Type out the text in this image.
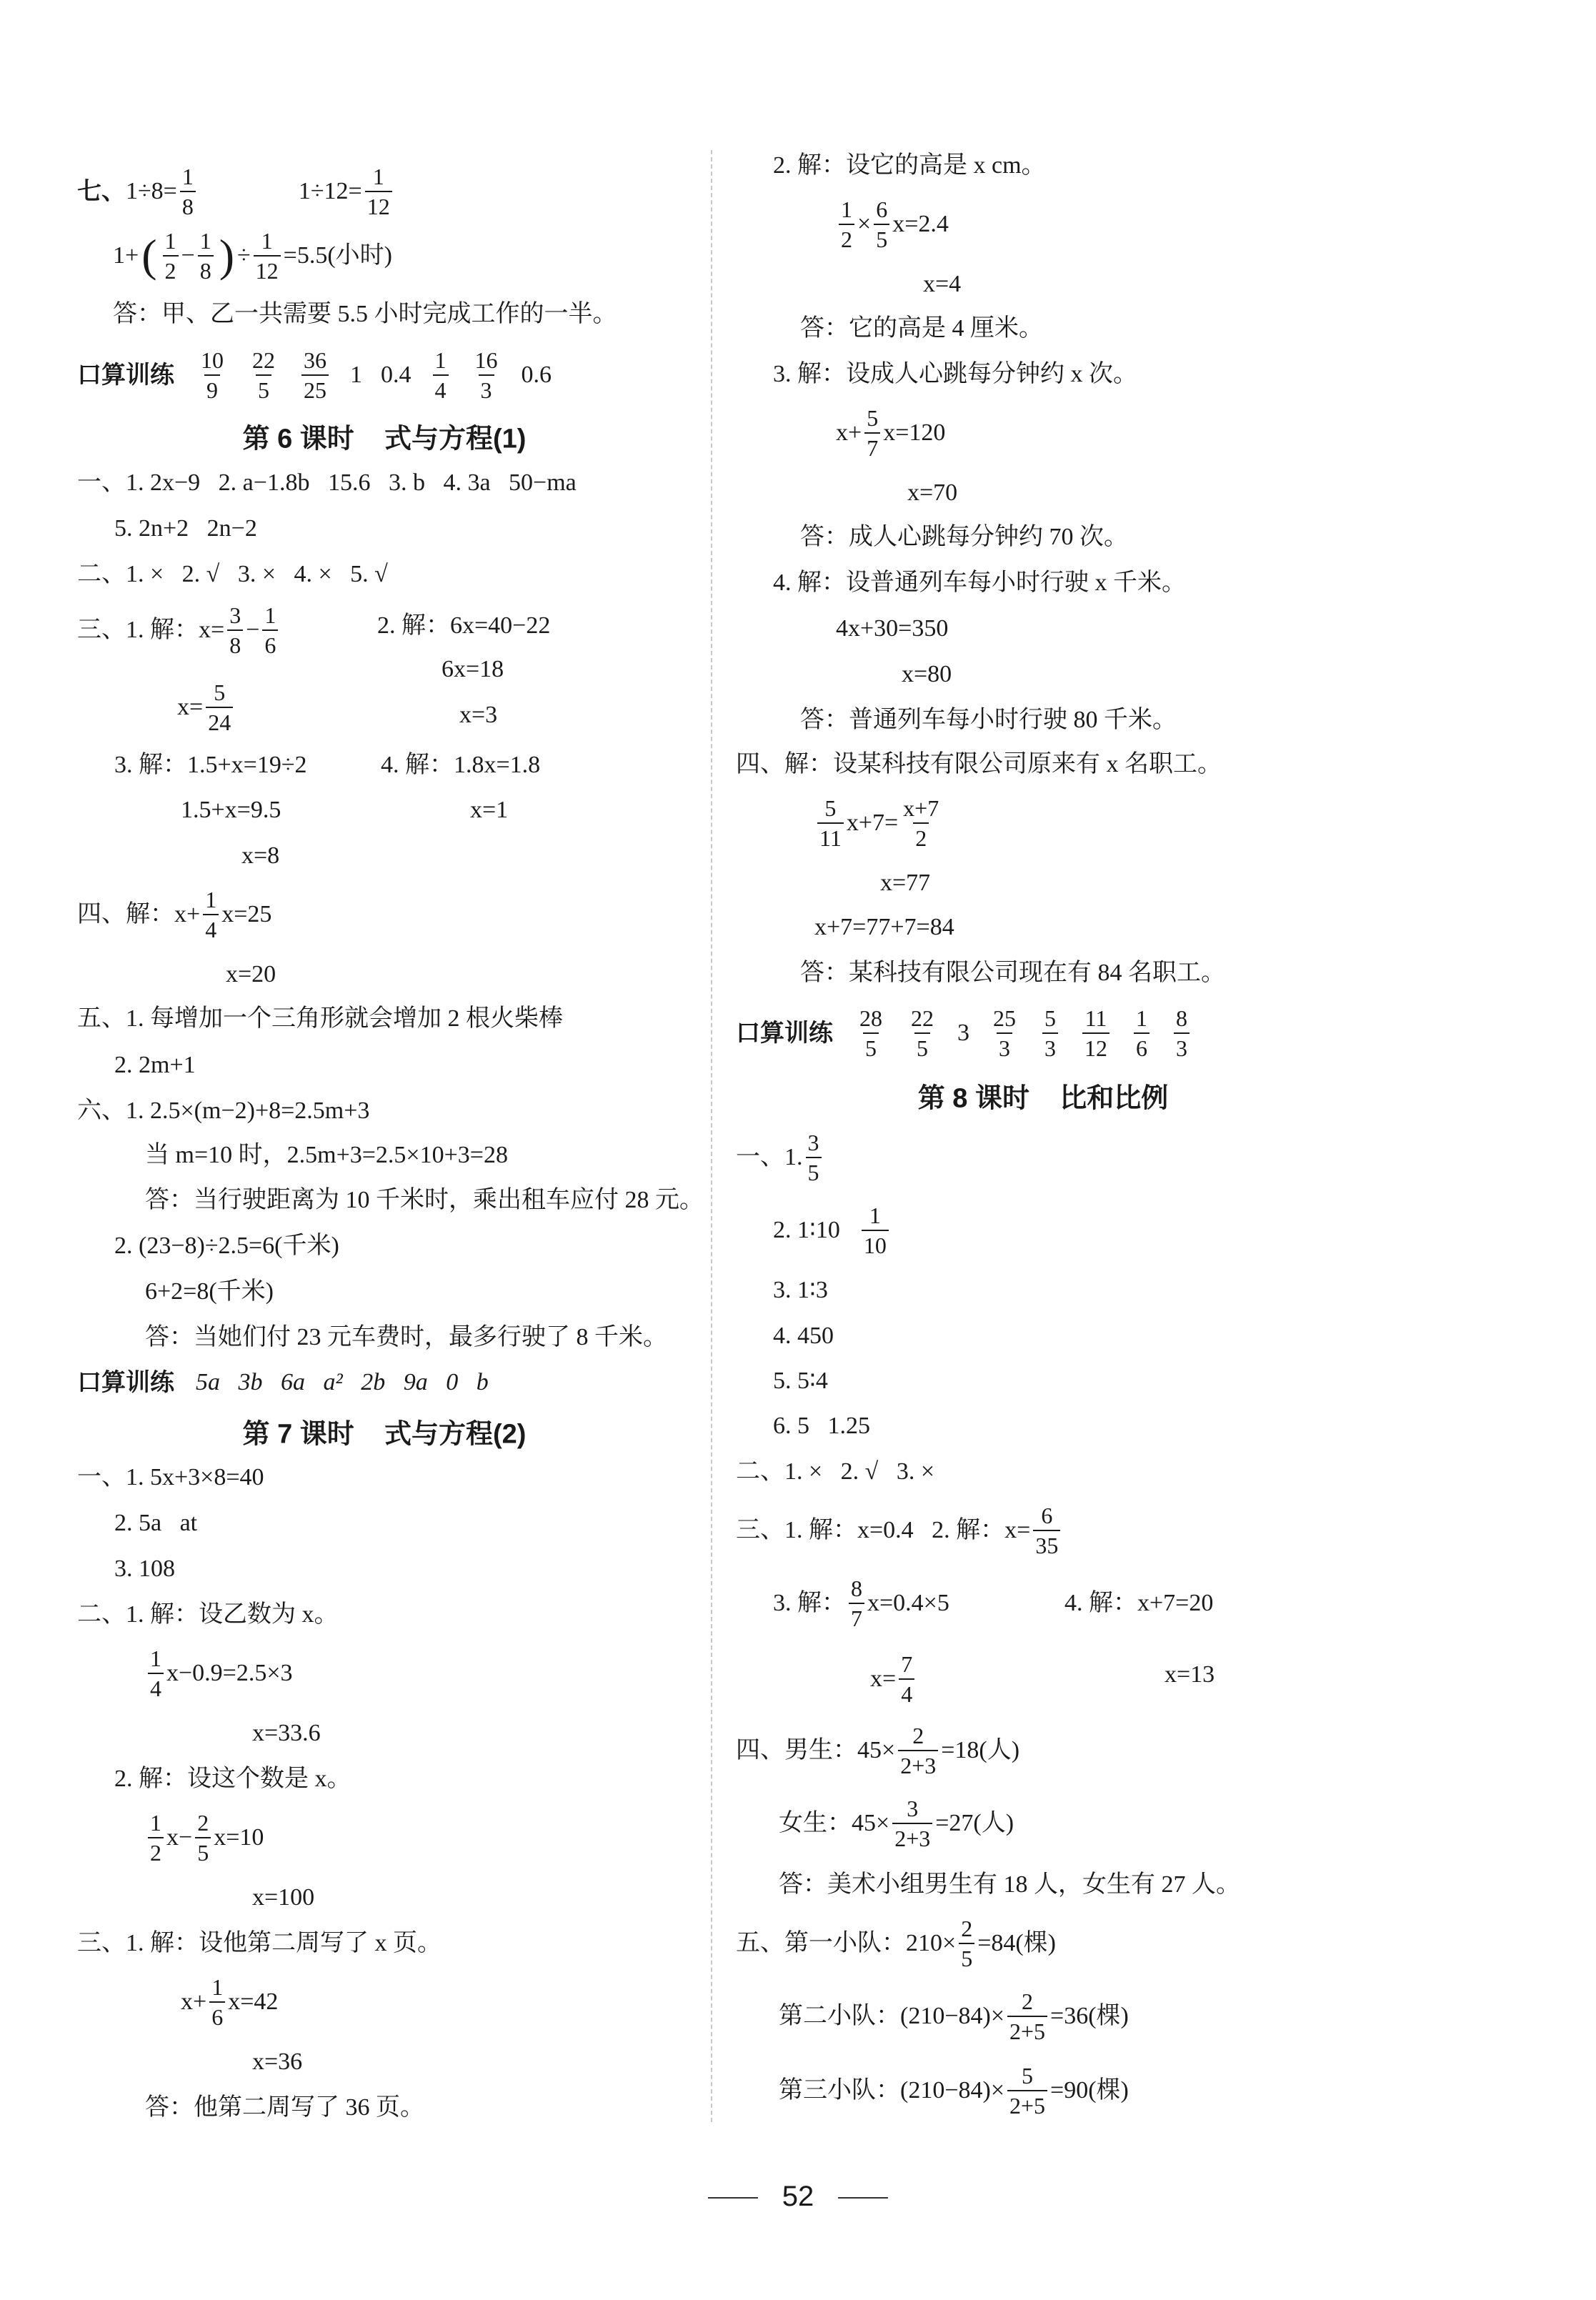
七、 $1\div 8= \frac{1}{8}$	$1\div 12= \frac{1}{12}$
1+ ( 1
2
− $\frac{1}{8}$ ) ÷ $\frac{1}{12} =5.5$(小时)
答：甲、乙一共需要 5.5 小时完成工作的一半。
口算训练
10
9
22
5
36
25
1 0.4
1
4
16
3
0.6
第 6 课时    式与方程(1)
一、1. 2x−9   2. a−1.8b   15.6   3. b   4. 3a   50−ma
5. 2n+2   2n−2
二、1. ×   2. √   3. ×   4. ×   5. √
三、1. 解：$x= \frac{3}{8} - \frac{1}{6}$	2. 解：6x=40−22
6x=18
$x= \frac{5}{24}$	x=3
3. 解：1.5+x=19÷2	4. 解：1.8x=1.8
1.5+x=9.5	x=1
x=8
四、解：$x+ \frac{1}{4} x=25$
x=20
五、1. 每增加一个三角形就会增加 2 根火柴棒
2. 2m+1
六、1. 2.5×(m−2)+8=2.5m+3
当 m=10 时，2.5m+3=2.5×10+3=28
答：当行驶距离为 10 千米时，乘出租车应付 28 元。
2. (23−8)÷2.5=6(千米)
6+2=8(千米)
答：当她们付 23 元车费时，最多行驶了 8 千米。
口算训练 5a   3b   6a   a²   2b   9a   0   b
第 7 课时    式与方程(2)
一、1. 5x+3×8=40
2. 5a   at
3. 108
二、1. 解：设乙数为 x。
1
4
x−0.9=2.5×3
x=33.6
2. 解：设这个数是 x。
1
2
$x- \frac{2}{5} x=10$
x=100
三、1. 解：设他第二周写了 x 页。
$x+ \frac{1}{6} x=42$
x=36
答：他第二周写了 36 页。
2. 解：设它的高是 x cm。
$\frac{1}{2} \times \frac{6}{5} x=2.4$
x=4
答：它的高是 4 厘米。
3. 解：设成人心跳每分钟约 x 次。
$x+ \frac{5}{7} x=120$
x=70
答：成人心跳每分钟约 70 次。
4. 解：设普通列车每小时行驶 x 千米。
4x+30=350
x=80
答：普通列车每小时行驶 80 千米。
四、解：设某科技有限公司原来有 x 名职工。
5
11
$x+7= \frac{x+7}{2}$
x=77
x+7=77+7=84
答：某科技有限公司现在有 84 名职工。
口算训练
28
5
22
5
3
25
3
5
3
11
12
1
6
8
3
第 8 课时    比和比例
一、1.
3
5
2. 1∶10
1
10
3. 1∶3
4. 450
5. 5∶4
6. 5   1.25
二、1. ×   2. √   3. ×
三、1. 解：x=0.4   2. 解：$x= \frac{6}{35}$
3. 解：
8
7
x=0.4×5	4. 解：x+7=20
$x= \frac{7}{4}$	x=13
四、男生：$45\times \frac{2}{2+3} =18$(人)
女生：$45\times \frac{3}{2+3} =27$(人)
答：美术小组男生有 18 人，女生有 27 人。
五、第一小队：$210\times \frac{2}{5} =84$(棵)
第二小队：$(210-84)\times \frac{2}{2+5} =36$(棵)
第三小队：$(210-84)\times \frac{5}{2+5} =90$(棵)
52
